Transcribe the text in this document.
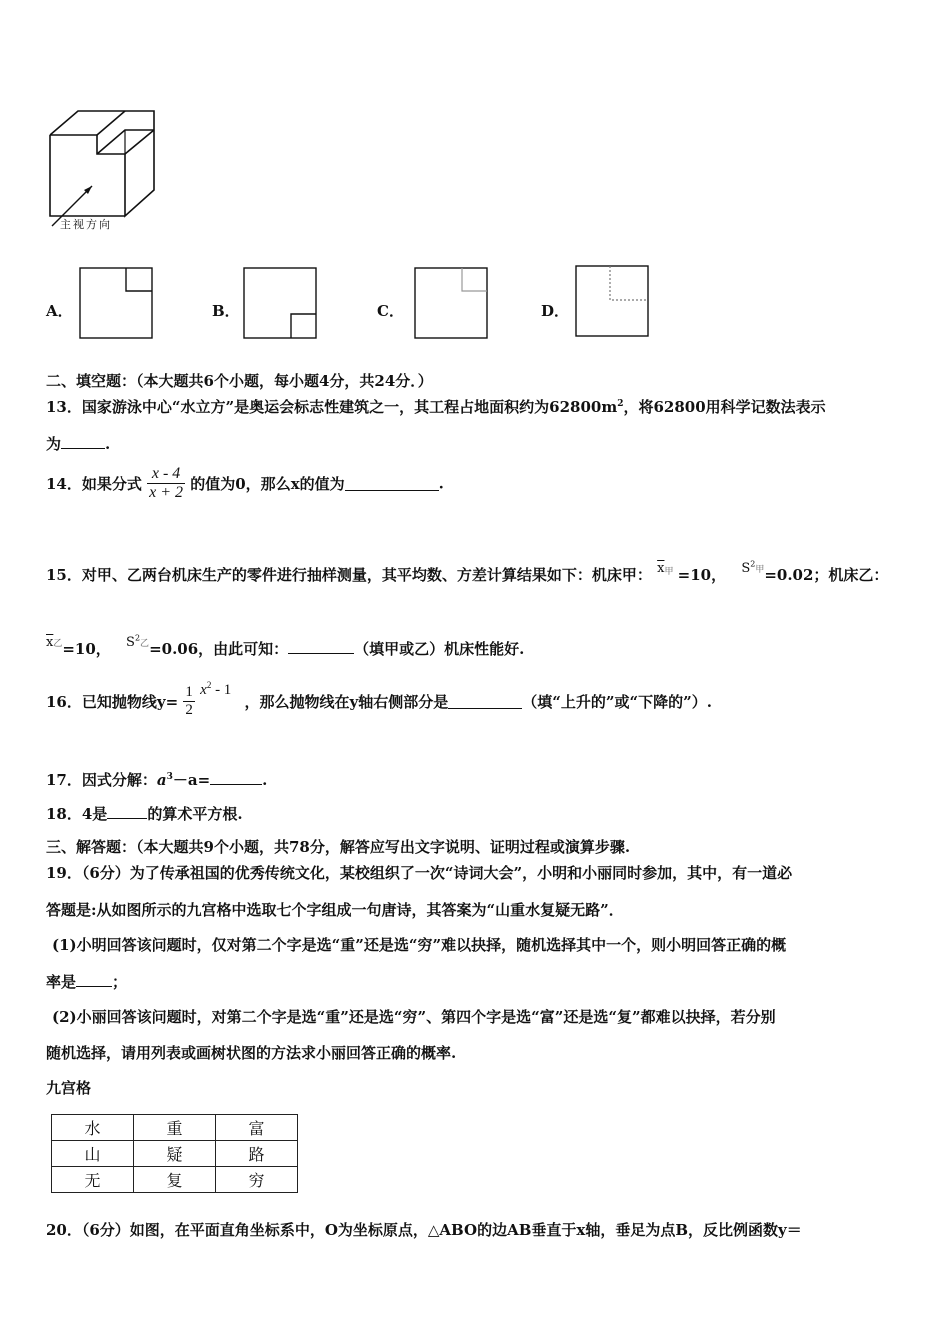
主视方向
A．	B．	C．	D．
二、填空题：（本大题共6个小题，每小题4分，共24分．）
13．国家游泳中心“水立方”是奥运会标志性建筑之一，其工程占地面积约为$62800m^2$，将62800用科学记数法表示
为	.
14．如果分式 $\frac{x - 4}{x + 2}$ 的值为0，那么x的值为	.
15．对甲、乙两台机床生产的零件进行抽样测量，其平均数、方差计算结果如下：机床甲： $\overline{x}^甲 =10$， $S^2$甲=0.02；机床乙：
$\overline{x}$乙=10， $S^2$乙=0.06，由此可知：	（填甲或乙）机床性能好.
16．已知抛物线$y= \frac{1}{2} x^2 - 1$ ，那么抛物线在y轴右侧部分是	（填“上升的”或“下降的”）.
17．因式分解：$a^3-a=$	.
18．4是	的算术平方根.
三、解答题：（本大题共9个小题，共78分，解答应写出文字说明、证明过程或演算步骤.
19．（6分）为了传承祖国的优秀传统文化，某校组织了一次“诗词大会”，小明和小丽同时参加，其中，有一道必
答题是:从如图所示的九宫格中选取七个字组成一句唐诗，其答案为“山重水复疑无路”．
(1)小明回答该问题时，仅对第二个字是选“重”还是选“穷”难以抉择，随机选择其中一个，则小明回答正确的概
率是 ；
(2)小丽回答该问题时，对第二个字是选“重”还是选“穷”、第四个字是选“富”还是选“复”都难以抉择，若分别
随机选择，请用列表或画树状图的方法求小丽回答正确的概率.
九宫格
水	重	富
山	疑	路
无	复	穷
20．（6分）如图，在平面直角坐标系中，O为坐标原点，△ABO的边AB垂直于x轴，垂足为点B，反比例函数y＝
